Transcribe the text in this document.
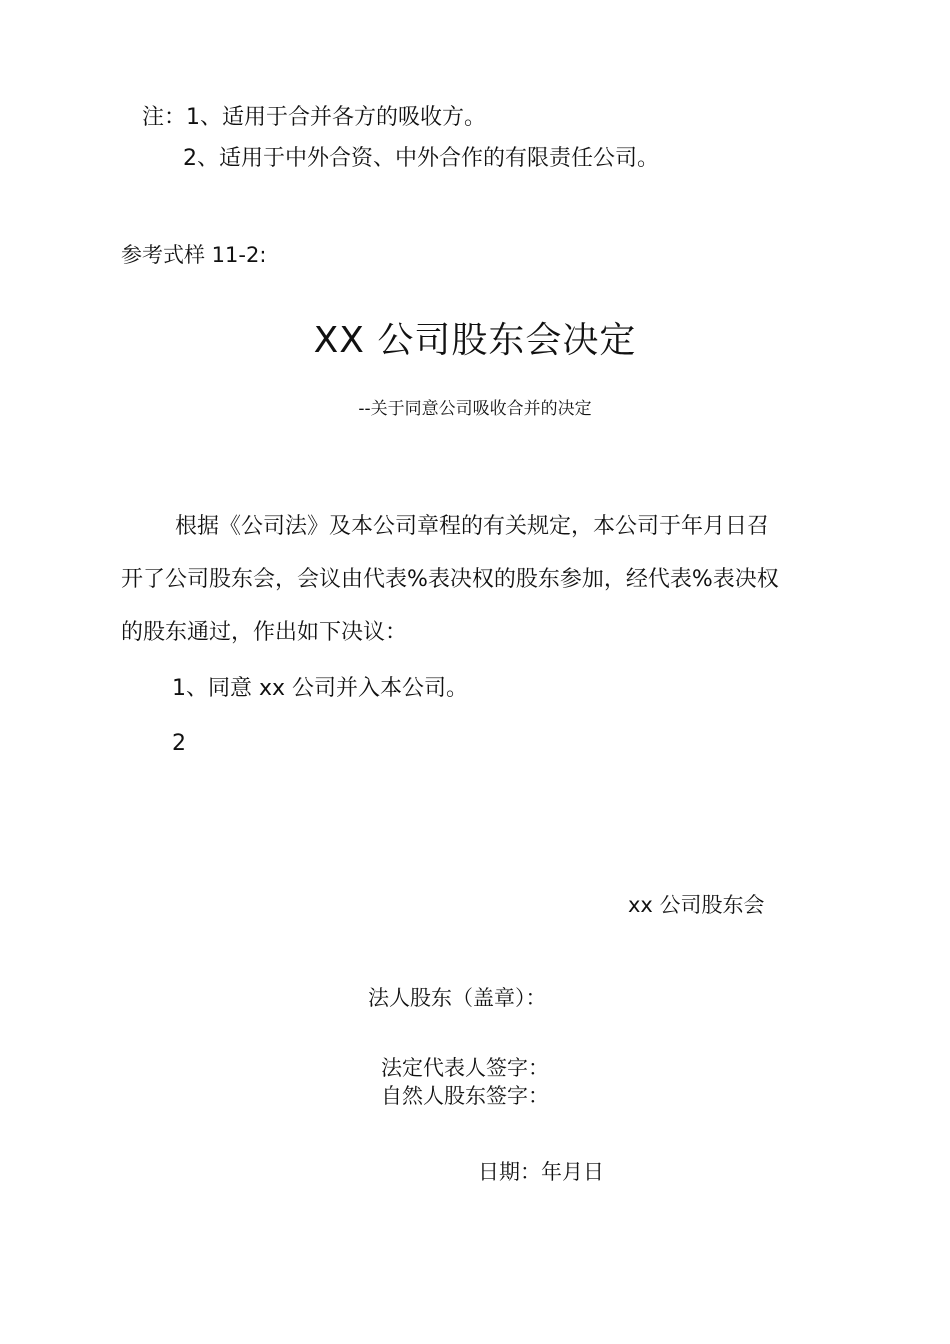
注：1、适用于合并各方的吸收方。
2、适用于中外合资、中外合作的有限责任公司。
参考式样 11-2:
XX 公司股东会决定
--关于同意公司吸收合并的决定
根据《公司法》及本公司章程的有关规定，本公司于年月日召
开了公司股东会，会议由代表%表决权的股东参加，经代表%表决权
的股东通过，作出如下决议：
1、同意 xx 公司并入本公司。
2
xx 公司股东会
法人股东（盖章）：
法定代表人签字：
自然人股东签字：
日期：年月日
